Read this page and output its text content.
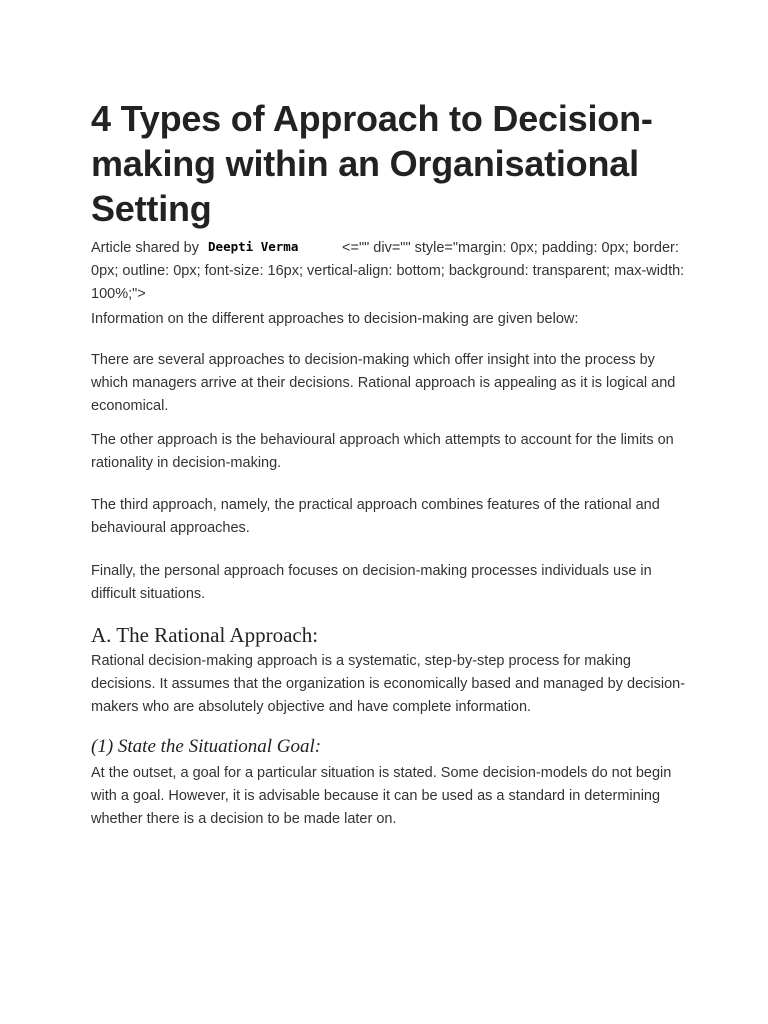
4 Types of Approach to Decision-making within an Organisational Setting
Article shared by Deepti Verma	<="" div="" style="margin: 0px; padding: 0px; border: 0px; outline: 0px; font-size: 16px; vertical-align: bottom; background: transparent; max-width: 100%;">

Information on the different approaches to decision-making are given below:

There are several approaches to decision-making which offer insight into the process by which managers arrive at their decisions. Rational approach is appealing as it is logical and economical.

The other approach is the behavioural approach which attempts to account for the limits on rationality in decision-making.

The third approach, namely, the practical approach combines features of the rational and behavioural approaches.

Finally, the personal approach focuses on decision-making processes individuals use in difficult situations.

A. The Rational Approach:

Rational decision-making approach is a systematic, step-by-step process for making decisions. It assumes that the organization is economically based and managed by decision-makers who are absolutely objective and have complete information.

(1) State the Situational Goal:

At the outset, a goal for a particular situation is stated. Some decision-models do not begin with a goal. However, it is advisable because it can be used as a standard in determining whether there is a decision to be made later on.
